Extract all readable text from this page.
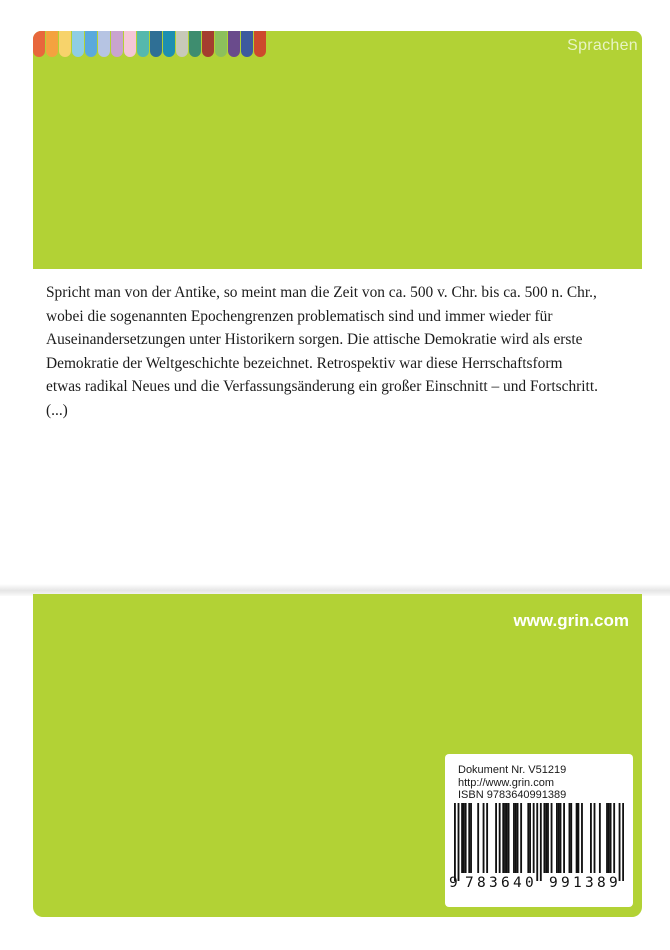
Sprachen
Spricht man von der Antike, so meint man die Zeit von ca. 500 v. Chr. bis ca. 500 n. Chr.,
wobei die sogenannten Epochengrenzen problematisch sind und immer wieder für
Auseinandersetzungen unter Historikern sorgen. Die attische Demokratie wird als erste
Demokratie der Weltgeschichte bezeichnet. Retrospektiv war diese Herrschaftsform
etwas radikal Neues und die Verfassungsänderung ein großer Einschnitt – und Fortschritt.
(...)
www.grin.com
Dokument Nr. V51219
http://www.grin.com
ISBN 9783640991389
9 7 8 3 6 4 0 9 9 1 3 8 9
